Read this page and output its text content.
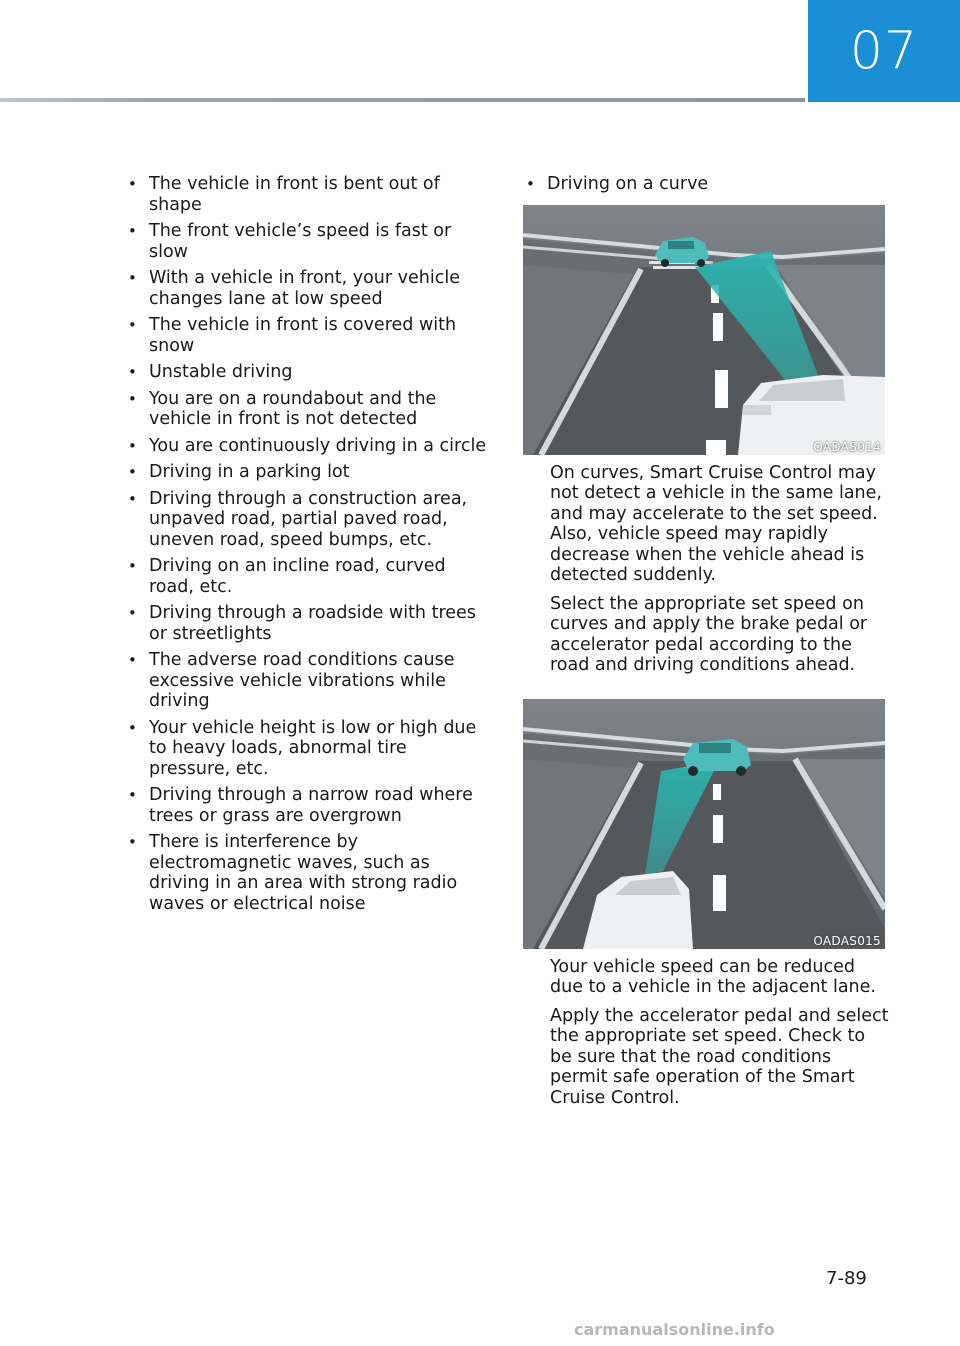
07
• The vehicle in front is bent out of shape
• The front vehicle’s speed is fast or slow
• With a vehicle in front, your vehicle changes lane at low speed
• The vehicle in front is covered with snow
• Unstable driving
• You are on a roundabout and the vehicle in front is not detected
• You are continuously driving in a circle
• Driving in a parking lot
• Driving through a construction area, unpaved road, partial paved road, uneven road, speed bumps, etc.
• Driving on an incline road, curved road, etc.
• Driving through a roadside with trees or streetlights
• The adverse road conditions cause excessive vehicle vibrations while driving
• Your vehicle height is low or high due to heavy loads, abnormal tire pressure, etc.
• Driving through a narrow road where trees or grass are overgrown
• There is interference by electromagnetic waves, such as driving in an area with strong radio waves or electrical noise
• Driving on a curve
OADAS014

On curves, Smart Cruise Control may not detect a vehicle in the same lane, and may accelerate to the set speed. Also, vehicle speed may rapidly decrease when the vehicle ahead is detected suddenly.

Select the appropriate set speed on curves and apply the brake pedal or accelerator pedal according to the road and driving conditions ahead.

OADAS015

Your vehicle speed can be reduced due to a vehicle in the adjacent lane.

Apply the accelerator pedal and select the appropriate set speed. Check to be sure that the road conditions permit safe operation of the Smart Cruise Control.

7-89
carmanualsonline.info
